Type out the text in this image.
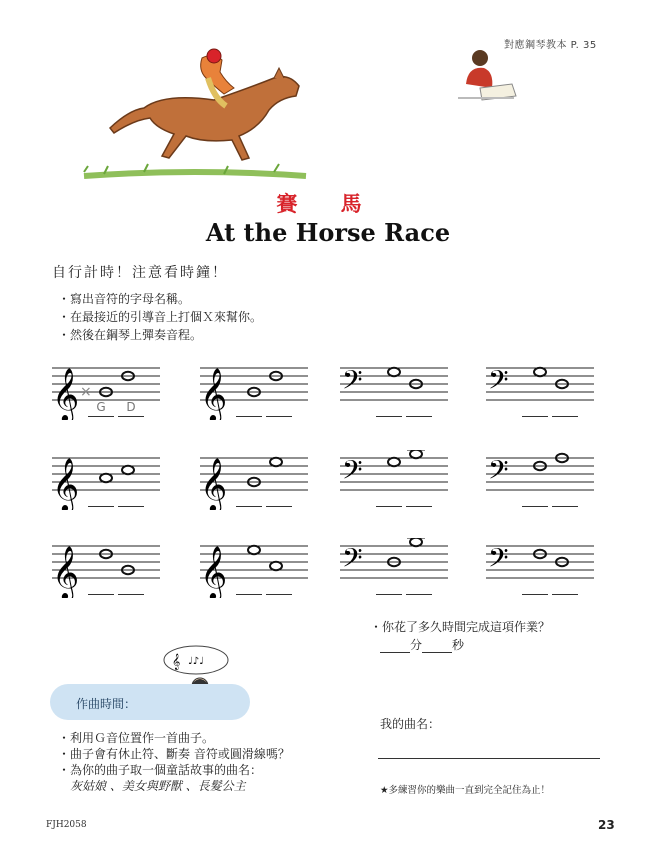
對應鋼琴教本 P. 35
賽 馬
At the Horse Race
自行計時！注意看時鐘！
・寫出音符的字母名稱。
・在最接近的引導音上打個Ｘ來幫你。
・然後在鋼琴上彈奏音程。
𝄞 ×
G	D 𝄞	𝄢	𝄢
𝄞	𝄞	𝄢	𝄢
𝄞	𝄞	𝄢	𝄢
・你花了多久時間完成這項作業？
分	秒
𝄞 ♩♪♩
作曲時間：
・利用Ｇ音位置作一首曲子。
・曲子會有休止符、斷奏 音符或圓滑線嗎？
・為你的曲子取一個童話故事的曲名：
灰姑娘 、美女與野獸 、長髮公主
我的曲名：
★多練習你的樂曲一直到完全記住為止！
FJH2058	23
